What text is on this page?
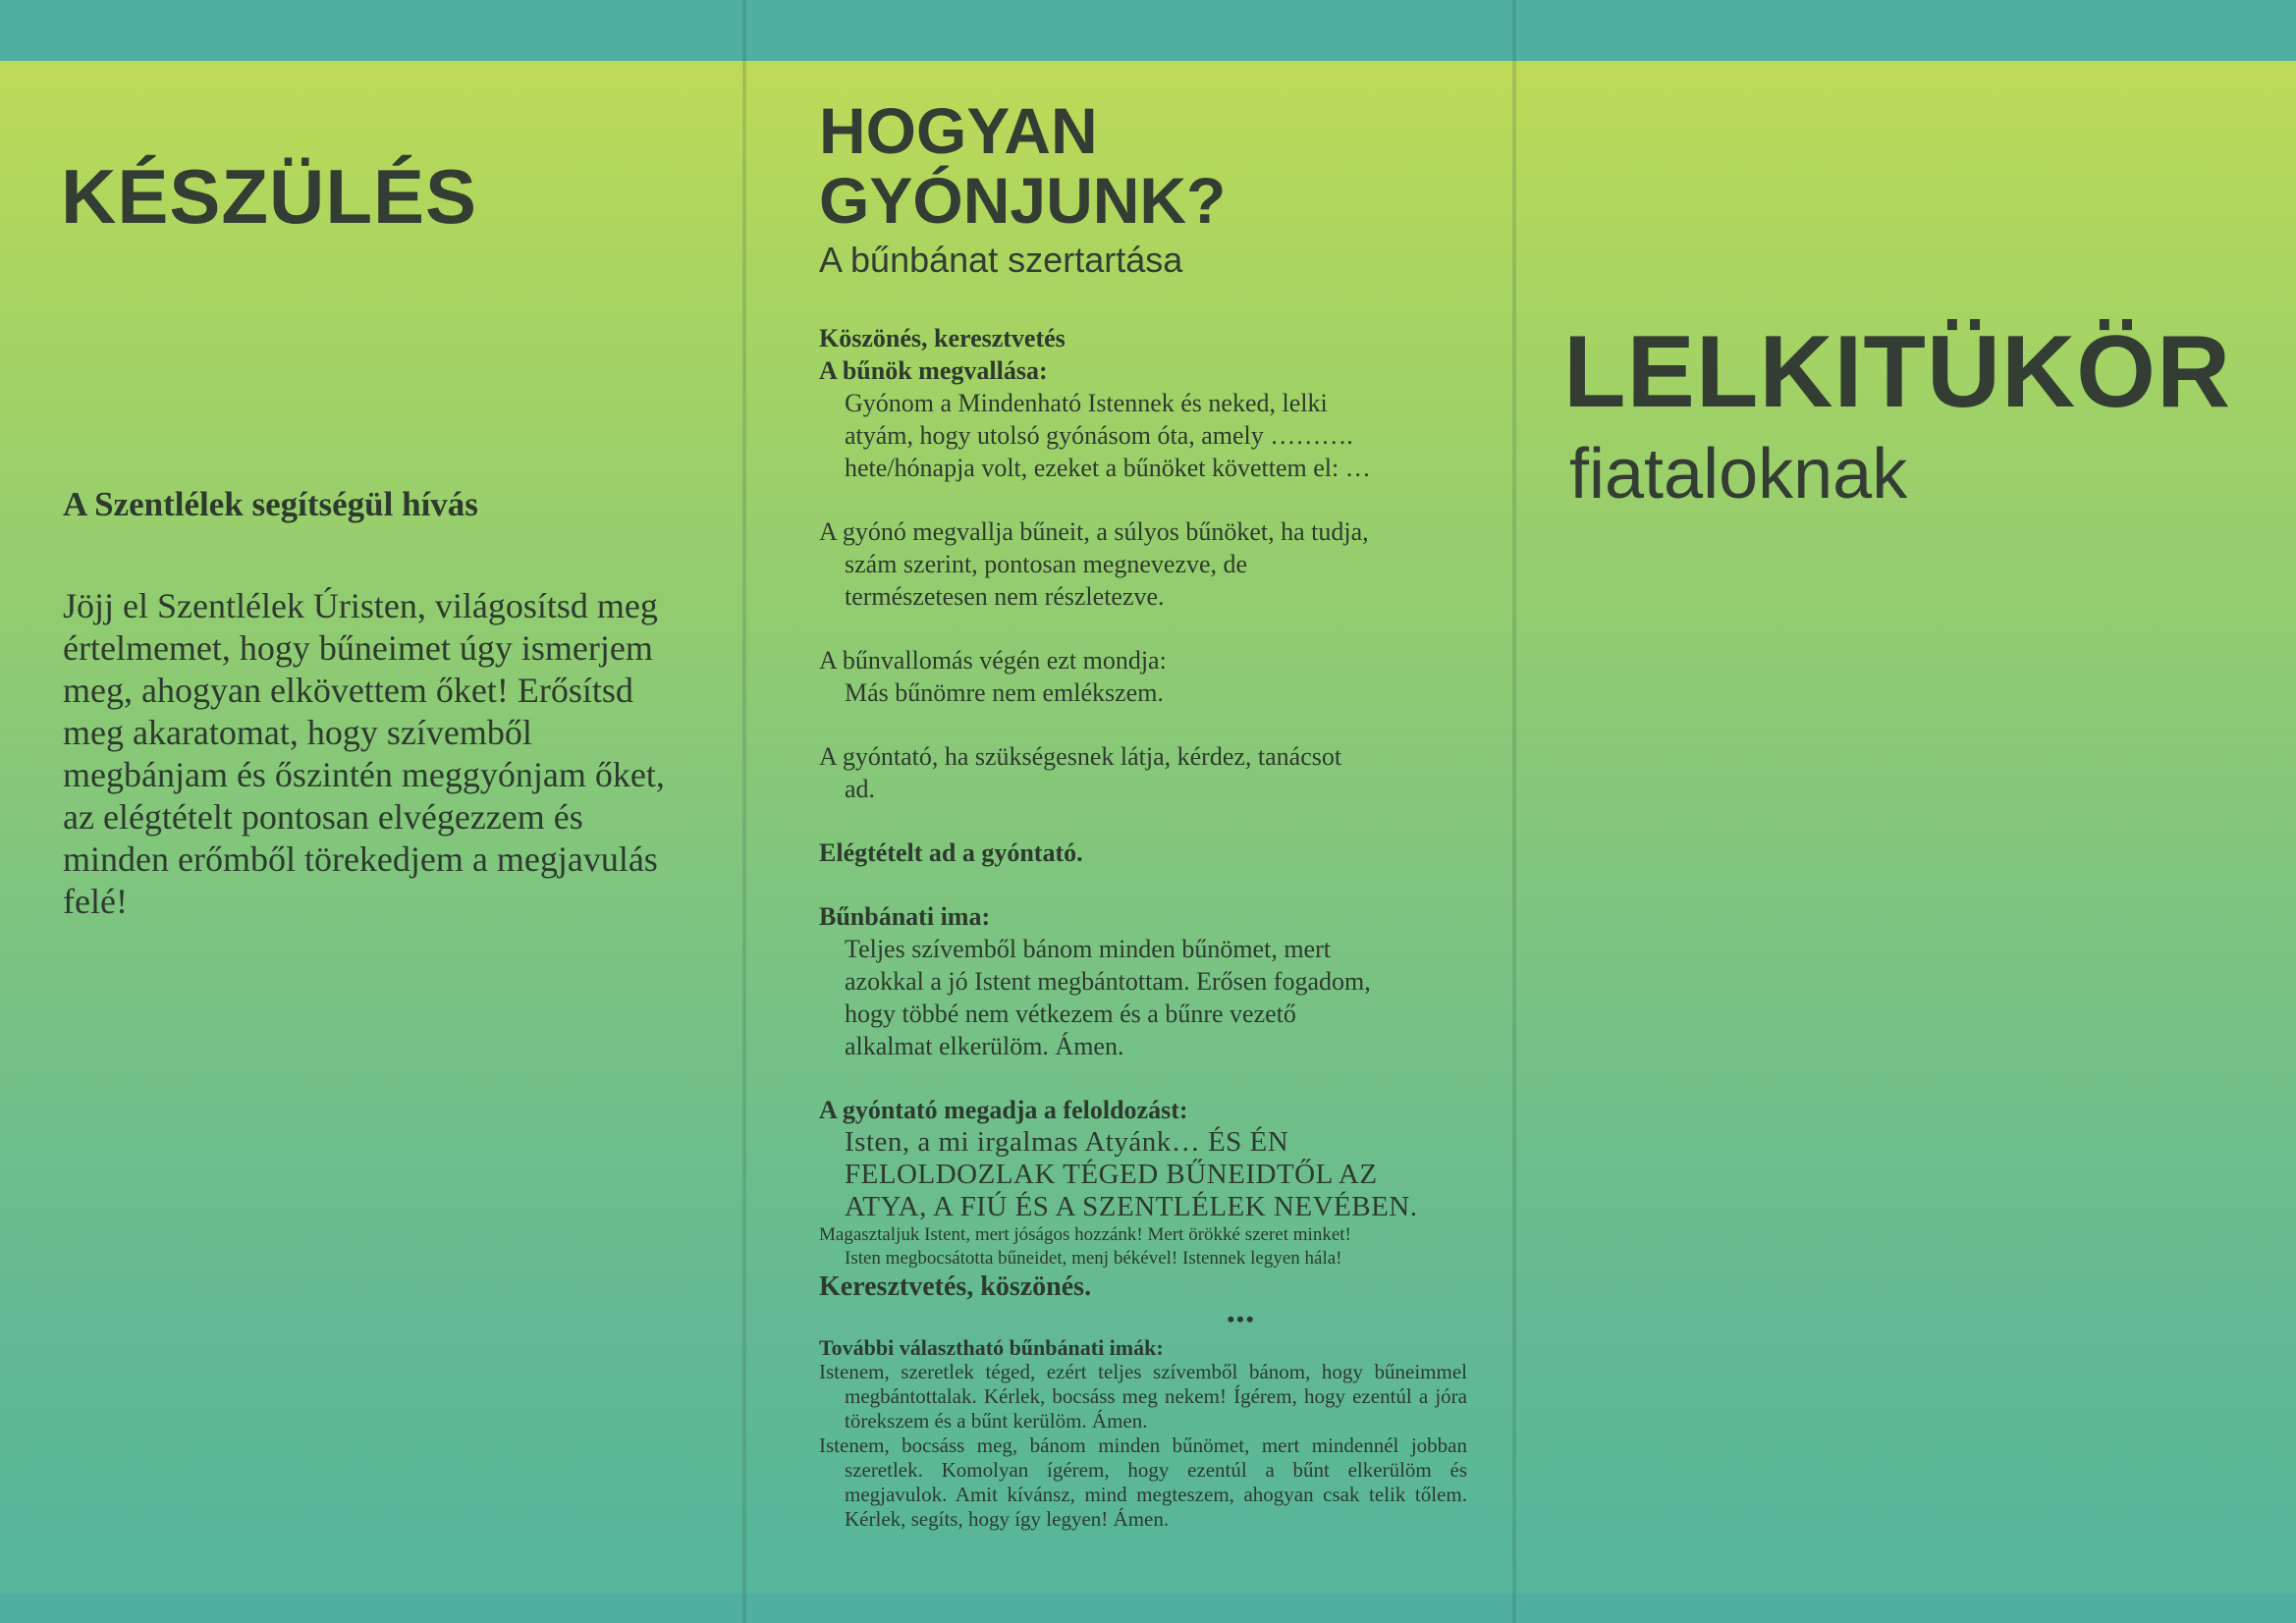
KÉSZÜLÉS
A Szentlélek segítségül hívás
Jöjj el Szentlélek Úristen, világosítsd meg
értelmemet, hogy bűneimet úgy ismerjem
meg, ahogyan elkövettem őket! Erősítsd
meg akaratomat, hogy szívemből
megbánjam és őszintén meggyónjam őket,
az elégtételt pontosan elvégezzem és
minden erőmből törekedjem a megjavulás
felé!
HOGYAN
GYÓNJUNK?

A bűnbánat szertartása

Köszönés, keresztvetés

A bűnök megvallása:

Gyónom a Mindenható Istennek és neked, lelki

atyám, hogy utolsó gyónásom óta, amely ……….

hete/hónapja volt, ezeket a bűnöket követtem el: …

A gyónó megvallja bűneit, a súlyos bűnöket, ha tudja,

szám szerint, pontosan megnevezve, de

természetesen nem részletezve.

A bűnvallomás végén ezt mondja:

Más bűnömre nem emlékszem.

A gyóntató, ha szükségesnek látja, kérdez, tanácsot

ad.

Elégtételt ad a gyóntató.

Bűnbánati ima:

Teljes szívemből bánom minden bűnömet, mert

azokkal a jó Istent megbántottam. Erősen fogadom,

hogy többé nem vétkezem és a bűnre vezető

alkalmat elkerülöm. Ámen.

A gyóntató megadja a feloldozást:

Isten, a mi irgalmas Atyánk… ÉS ÉN

FELOLDOZLAK TÉGED BŰNEIDTŐL AZ

ATYA, A FIÚ ÉS A SZENTLÉLEK NEVÉBEN.

Magasztaljuk Istent, mert jóságos hozzánk! Mert örökké szeret minket!

Isten megbocsátotta bűneidet, menj békével! Istennek legyen hála!

Keresztvetés, köszönés.

•••

További választható bűnbánati imák:

Istenem, szeretlek téged, ezért teljes szívemből bánom, hogy bűneimmel megbántottalak. Kérlek, bocsáss meg nekem! Ígérem, hogy ezentúl a jóra törekszem és a bűnt kerülöm. Ámen.

Istenem, bocsáss meg, bánom minden bűnömet, mert mindennél jobban szeretlek. Komolyan ígérem, hogy ezentúl a bűnt elkerülöm és megjavulok. Amit kívánsz, mind megteszem, ahogyan csak telik tőlem. Kérlek, segíts, hogy így legyen! Ámen.

LELKITÜKÖR

fiataloknak
